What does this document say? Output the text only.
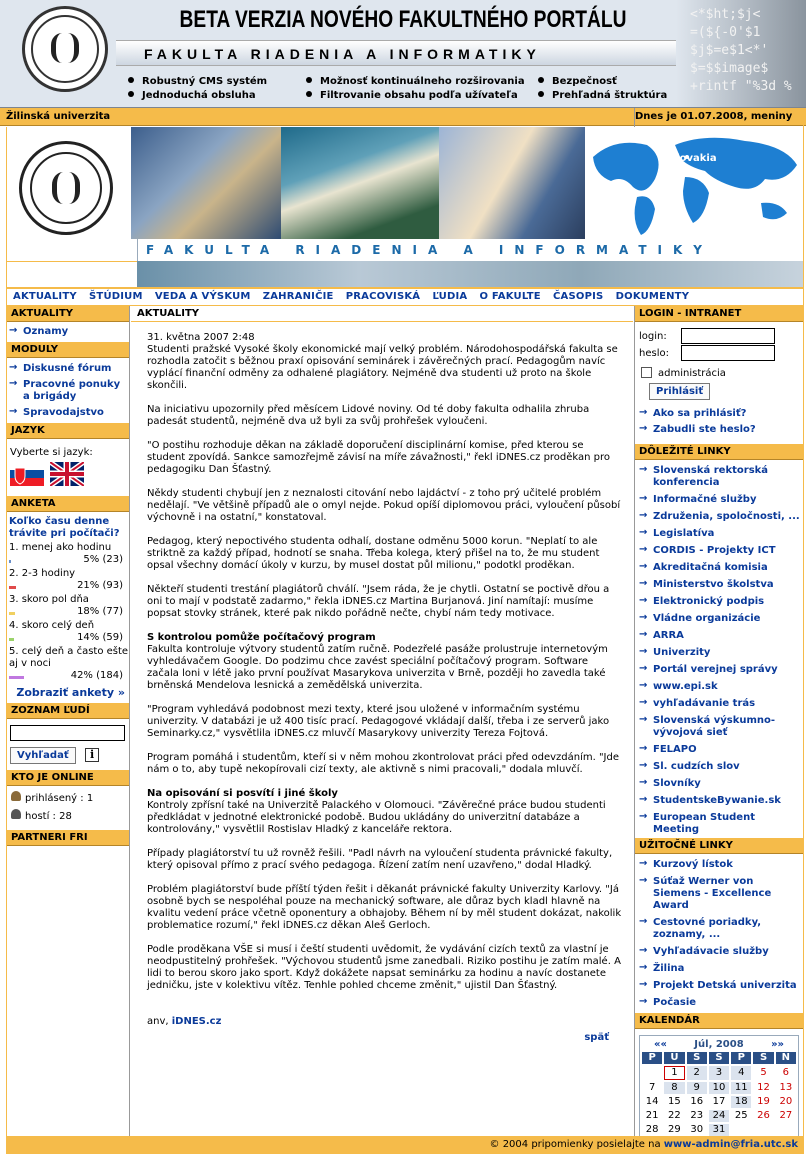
BETA VERZIA NOVÉHO FAKULTNÉHO PORTÁLU
FAKULTA RIADENIA A INFORMATIKY
<*$ht;$j<
=(${-0'$1
$j$=e$1<*'
$=$$image$
+rintf "%3d %
Robustný CMS systém	Možnosť kontinuálneho rozširovania	Bezpečnosť
Jednoduchá obsluha	Filtrovanie obsahu podľa užívateľa	Prehľadná štruktúra
Žilinská univerzita	Dnes je 01.07.2008, meniny
Slovakia
FAKULTA RIADENIA A INFORMATIKY
AKTUALITY ŠTÚDIUM VEDA A VÝSKUM ZAHRANIČIE PRACOVISKÁ ĽUDIA O FAKULTE ČASOPIS DOKUMENTY
AKTUALITY
→ Oznamy
MODULY
→ Diskusné fórum
→ Pracovné ponuky a brigády
→ Spravodajstvo
JAZYK
Vyberte si jazyk:

ANKETA
Koľko času denne trávite pri počítači?
1. menej ako hodinu
5% (23)
2. 2-3 hodiny
21% (93)
3. skoro pol dňa
18% (77)
4. skoro celý deň
14% (59)
5. celý deň a často ešte aj v noci
42% (184)
Zobraziť ankety »
ZOZNAM ĽUDÍ
Vyhľadať i
KTO JE ONLINE
prihlásený : 1
hostí : 28
PARTNERI FRI
AKTUALITY

31. května 2007 2:48
Studenti pražské Vysoké školy ekonomické mají velký problém. Národohospodářská fakulta se rozhodla zatočit s běžnou praxí opisování seminárek i závěrečných prací. Pedagogům navíc vyplácí finanční odměny za odhalené plagiátory. Nejméně dva studenti už proto na škole skončili.

Na iniciativu upozornily před měsícem Lidové noviny. Od té doby fakulta odhalila zhruba padesát studentů, nejméně dva už byli za svůj prohřešek vyloučeni.

"O postihu rozhoduje děkan na základě doporučení disciplinární komise, před kterou se student zpovídá. Sankce samozřejmě závisí na míře závažnosti," řekl iDNES.cz proděkan pro pedagogiku Dan Šťastný.

Někdy studenti chybují jen z neznalosti citování nebo lajdáctví - z toho prý učitelé problém nedělají. "Ve většině případů ale o omyl nejde. Pokud opíší diplomovou práci, vyloučení působí výchovně i na ostatní," konstatoval.

Pedagog, který nepoctivého studenta odhalí, dostane odměnu 5000 korun. "Neplatí to ale striktně za každý případ, hodnotí se snaha. Třeba kolega, který přišel na to, že mu student opsal všechny domácí úkoly v kurzu, by musel dostat půl milionu," podotkl proděkan.

Někteří studenti trestání plagiátorů chválí. "Jsem ráda, že je chytli. Ostatní se poctivě dřou a oni to mají v podstatě zadarmo," řekla iDNES.cz Martina Burjanová. Jiní namítají: musíme popsat stovky stránek, které pak nikdo pořádně nečte, chybí nám tedy motivace.

S kontrolou pomůže počítačový program
Fakulta kontroluje výtvory studentů zatím ručně. Podezřelé pasáže prolustruje internetovým vyhledávačem Google. Do podzimu chce zavést speciální počítačový program. Software začala loni v létě jako první používat Masarykova univerzita v Brně, později ho zavedla také brněnská Mendelova lesnická a zemědělská univerzita.

"Program vyhledává podobnost mezi texty, které jsou uložené v informačním systému univerzity. V databázi je už 400 tisíc prací. Pedagogové vkládají další, třeba i ze serverů jako Seminarky.cz," vysvětlila iDNES.cz mluvčí Masarykovy univerzity Tereza Fojtová.

Program pomáhá i studentům, kteří si v něm mohou zkontrolovat práci před odevzdáním. "Jde nám o to, aby tupě nekopírovali cizí texty, ale aktivně s nimi pracovali," dodala mluvčí.

Na opisování si posvítí i jiné školy
Kontroly zpřísní také na Univerzitě Palackého v Olomouci. "Závěrečné práce budou studenti předkládat v jednotné elektronické podobě. Budou ukládány do univerzitní databáze a kontrolovány," vysvětlil Rostislav Hladký z kanceláře rektora.

Případy plagiátorství tu už rovněž řešili. "Padl návrh na vyloučení studenta právnické fakulty, který opisoval přímo z prací svého pedagoga. Řízení zatím není uzavřeno," dodal Hladký.

Problém plagiátorství bude příští týden řešit i děkanát právnické fakulty Univerzity Karlovy. "Já osobně bych se nespoléhal pouze na mechanický software, ale důraz bych kladl hlavně na kvalitu vedení práce včetně oponentury a obhajoby. Během ní by měl student dokázat, nakolik problematice rozumí," řekl iDNES.cz děkan Aleš Gerloch.

Podle proděkana VŠE si musí i čeští studenti uvědomit, že vydávání cizích textů za vlastní je neodpustitelný prohřešek. "Výchovou studentů jsme zanedbali. Riziko postihu je zatím malé. A lidi to berou skoro jako sport. Když dokážete napsat seminárku za hodinu a navíc dostanete jedničku, jste v kolektivu vítěz. Tenhle pohled chceme změnit," ujistil Dan Šťastný.

anv, iDNES.cz

späť
LOGIN - INTRANET
login:
heslo:
administrácia
Prihlásiť
→ Ako sa prihlásiť?
→ Zabudli ste heslo?
DÔLEŽITÉ LINKY
→ Slovenská rektorská konferencia
→ Informačné služby
→ Združenia, spoločnosti, ...
→ Legislatíva
→ CORDIS - Projekty ICT
→ Akreditačná komisia
→ Ministerstvo školstva
→ Elektronický podpis
→ Vládne organizácie
→ ARRA
→ Univerzity
→ Portál verejnej správy
→ www.epi.sk
→ vyhľadávanie trás
→ Slovenská výskumno-vývojová sieť
→ FELAPO
→ Sl. cudzích slov
→ Slovníky
→ StudentskeBywanie.sk
→ European Student Meeting
UŽITOČNÉ LINKY
→ Kurzový lístok
→ Súťaž Werner von Siemens - Excellence Award
→ Cestovné poriadky, zoznamy, ...
→ Vyhľadávacie služby
→ Žilina
→ Projekt Detská univerzita
→ Počasie
KALENDÁR
««	Júl, 2008	»»
P	U	S	Š	P	S	N
	1	2	3	4	5	6
7	8	9	10	11	12	13
14	15	16	17	18	19	20
21	22	23	24	25	26	27
28	29	30	31			
© 2004 pripomienky posielajte na www-admin@fria.utc.sk
